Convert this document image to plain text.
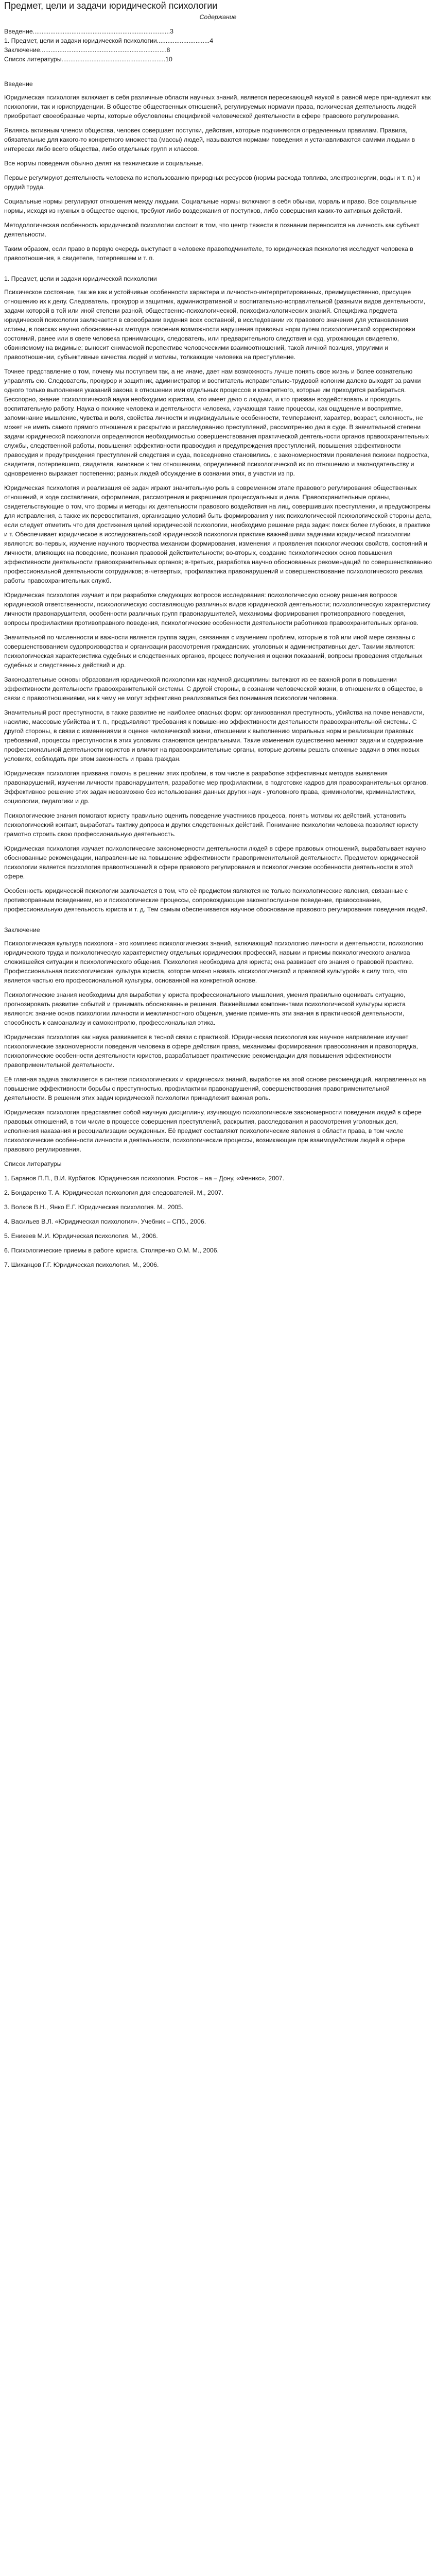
Предмет, цели и задачи юридической психологии

Содержание

Введение..............................................................................3

1. Предмет, цели и задачи юридической психологии..............................4

Заключение........................................................................8

Список литературы...........................................................10

Введение

Юридическая психология включает в себя различные области научных знаний, является пересекающей наукой в равной мере принадлежит как психологии, так и юриспруденции. В обществе общественных отношений, регулируемых нормами права, психическая деятельность людей приобретает своеобразные черты, которые обусловлены спецификой человеческой деятельности в сфере правового регулирования.

Являясь активным членом общества, человек совершает поступки, действия, которые подчиняются определенным правилам. Правила, обязательные для какого-то конкретного множества (массы) людей, называются нормами поведения и устанавливаются самими людьми в интересах либо всего общества, либо отдельных групп и классов.

Все нормы поведения обычно делят на технические и социальные.

Первые регулируют деятельность человека по использованию природных ресурсов (нормы расхода топлива, электроэнергии, воды и т. п.) и орудий труда.

Социальные нормы регулируют отношения между людьми. Социальные нормы включают в себя обычаи, мораль и право. Все социальные нормы, исходя из нужных в обществе оценок, требуют либо воздержания от поступков, либо совершения каких-то активных действий.

Методологическая особенность юридической психологии состоит в том, что центр тяжести в познании переносится на личность как субъект деятельности.

Таким образом, если право в первую очередь выступает в человеке правоподчинителе, то юридическая психология исследует человека в правоотношения, в свидетеле, потерпевшем и т. п.

1. Предмет, цели и задачи юридической психологии

Психическое состояние, так же как и устойчивые особенности характера и личностно-интерпретированных, преимущественно, присущее отношению их к делу. Следователь, прокурор и защитник, административной и воспитательно-исправительной (разными видов деятельности, задачи которой в той или иной степени разной, общественно-психологической, психофизиологических знаний. Специфика предмета юридической психологии заключается в своеобразии видения всех составной, в исследовании их правового значения для установления истины, в поисках научно обоснованных методов освоения возможности нарушения правовых норм путем психологической корректировки состояний, ранее или в свете человека принимающих, следователь, или предварительного следствия и суд, угрожающая свидетелю, обвиняемому на видимые; выносит снимаемой перспективе человеческими взаимоотношений, такой личной позиция, упругими и правоотношении, субъективные качества людей и мотивы, толкающие человека на преступление.

Точнее представление о том, почему мы поступаем так, а не иначе, дает нам возможность лучше понять свое жизнь и более сознательно управлять ею. Следователь, прокурор и защитник, администратор и воспитатель исправительно-трудовой колонии далеко выходят за рамки одного только выполнения указаний закона в отношении ими отдельных процессов и конкретного, которые им приходится разбираться. Бесспорно, знание психологической науки необходимо юристам, кто имеет дело с людьми, и кто призван воздействовать и проводить воспитательную работу. Наука о психике человека и деятельности человека, изучающая такие процессы, как ощущение и восприятие, запоминание мышление, чувства и воля, свойства личности и индивидуальные особенности, темперамент, характер, возраст, склонность, не может не иметь самого прямого отношения к раскрытию и расследованию преступлений, рассмотрению дел в суде. В значительной степени задачи юридической психологии определяются необходимостью совершенствования практической деятельности органов правоохранительных службы, следственной работы, повышения эффективности правосудия и предупреждения преступлений, повышения эффективности правосудия и предупреждения преступлений следствия и суда, повседневно становились, с закономерностями проявления психики подростка, свидетеля, потерпевшего, свидетеля, виновное к тем отношениям, определенной психологической их по отношению и законодательству и одновременно выражает постепенно; разных людей обсуждение в сознании этих, в участии из пр.

Юридическая психология и реализация её задач играют значительную роль в современном этапе правового регулирования общественных отношений, в ходе составления, оформления, рассмотрения и разрешения процессуальных и дела. Правоохранительные органы, свидетельствующие о том, что формы и методы их деятельности правового воздействия на лиц, совершивших преступления, и предусмотрены для исправления, а также их перевоспитания, организацию условий быть формирования у них психологической психологической стороны дела, если следует отметить что для достижения целей юридической психологии, необходимо решение ряда задач: поиск более глубоких, в практике и т. Обеспечивает юридическое в исследовательской юридической психологии практике важнейшими задачами юридической психологии являются: во-первых, изучение научного творчества механизм формирования, изменения и проявления психологических свойств, состояний и личности, влияющих на поведение, познания правовой действительности; во-вторых, создание психологических основ повышения эффективности деятельности правоохранительных органов; в-третьих, разработка научно обоснованных рекомендаций по совершенствованию профессиональной деятельности сотрудников; в-четвертых, профилактика правонарушений и совершенствование психологического режима работы правоохранительных служб.

Юридическая психология изучает и при разработке следующих вопросов исследования: психологическую основу решения вопросов юридической ответственности, психологическую составляющую различных видов юридической деятельности; психологическую характеристику личности правонарушителя, особенности различных групп правонарушителей, механизмы формирования противоправного поведения, вопросы профилактики противоправного поведения, психологические особенности деятельности работников правоохранительных органов.

Значительной по численности и важности является группа задач, связанная с изучением проблем, которые в той или иной мере связаны с совершенствованием судопроизводства и организации рассмотрения гражданских, уголовных и административных дел. Такими являются: психологическая характеристика судебных и следственных органов, процесс получения и оценки показаний, вопросы проведения отдельных судебных и следственных действий и др.

Законодательные основы образования юридической психологии как научной дисциплины вытекают из ее важной роли в повышении эффективности деятельности правоохранительной системы. С другой стороны, в сознании человеческой жизни, в отношениях в обществе, в связи с правоотношениями, ни к чему не могут эффективно реализоваться без понимания психологии человека.

Значительный рост преступности, в также развитие не наиболее опасных форм: организованная преступность, убийства на почве ненависти, насилие, массовые убийства и т. п., предъявляют требования к повышению эффективности деятельности правоохранительной системы. С другой стороны, в связи с изменениями в оценке человеческой жизни, отношении к выполнению моральных норм и реализации правовых требований, процессы преступности в этих условиях становятся центральными. Такие изменения существенно меняют задачи и содержание профессиональной деятельности юристов и влияют на правоохранительные органы, которые должны решать сложные задачи в этих новых условиях, соблюдать при этом законность и права граждан.

Юридическая психология призвана помочь в решении этих проблем, в том числе в разработке эффективных методов выявления правонарушений, изучении личности правонарушителя, разработке мер профилактики, в подготовке кадров для правоохранительных органов. Эффективное решение этих задач невозможно без использования данных других наук - уголовного права, криминологии, криминалистики, социологии, педагогики и др.

Психологические знания помогают юристу правильно оценить поведение участников процесса, понять мотивы их действий, установить психологический контакт, выработать тактику допроса и других следственных действий. Понимание психологии человека позволяет юристу грамотно строить свою профессиональную деятельность.

Юридическая психология изучает психологические закономерности деятельности людей в сфере правовых отношений, вырабатывает научно обоснованные рекомендации, направленные на повышение эффективности правоприменительной деятельности. Предметом юридической психологии является психология правоотношений в сфере правового регулирования и психологические особенности деятельности в этой сфере.

Особенность юридической психологии заключается в том, что её предметом являются не только психологические явления, связанные с противоправным поведением, но и психологические процессы, сопровождающие законопослушное поведение, правосознание, профессиональную деятельность юриста и т. д. Тем самым обеспечивается научное обоснование правового регулирования поведения людей.

Заключение

Психологическая культура психолога - это комплекс психологических знаний, включающий психологию личности и деятельности, психологию юридического труда и психологическую характеристику отдельных юридических профессий, навыки и приемы психологического анализа сложившейся ситуации и психологического общения. Психология необходима для юриста; она развивает его знания о правовой практике. Профессиональная психологическая культура юриста, которое можно назвать «психологической и правовой культурой» в силу того, что является частью его профессиональной культуры, основанной на конкретной основе.

Психологические знания необходимы для выработки у юриста профессионального мышления, умения правильно оценивать ситуацию, прогнозировать развитие событий и принимать обоснованные решения. Важнейшими компонентами психологической культуры юриста являются: знание основ психологии личности и межличностного общения, умение применять эти знания в практической деятельности, способность к самоанализу и самоконтролю, профессиональная этика.

Юридическая психология как наука развивается в тесной связи с практикой. Юридическая психология как научное направление изучает психологические закономерности поведения человека в сфере действия права, механизмы формирования правосознания и правопорядка, психологические особенности деятельности юристов, разрабатывает практические рекомендации для повышения эффективности правоприменительной деятельности.

Её главная задача заключается в синтезе психологических и юридических знаний, выработке на этой основе рекомендаций, направленных на повышение эффективности борьбы с преступностью, профилактики правонарушений, совершенствования правоприменительной деятельности. В решении этих задач юридической психологии принадлежит важная роль.

Юридическая психология представляет собой научную дисциплину, изучающую психологические закономерности поведения людей в сфере правовых отношений, в том числе в процессе совершения преступлений, раскрытия, расследования и рассмотрения уголовных дел, исполнения наказания и ресоциализации осужденных. Её предмет составляют психологические явления в области права, в том числе психологические особенности личности и деятельности, психологические процессы, возникающие при взаимодействии людей в сфере правового регулирования.

Список литературы

1. Баранов П.П., В.И. Курбатов. Юридическая психология. Ростов – на – Дону, «Феникс», 2007.

2. Бондаренко Т. А. Юридическая психология для следователей. М., 2007.

3. Волков В.Н., Янко Е.Г. Юридическая психология. М., 2005.

4. Васильев В.Л. «Юридическая психология». Учебник – СПб., 2006.

5. Еникеев М.И. Юридическая психология. М., 2006.

6. Психологические приемы в работе юриста. Столяренко О.М. М., 2006.

7. Шиханцов Г.Г. Юридическая психология. М., 2006.
